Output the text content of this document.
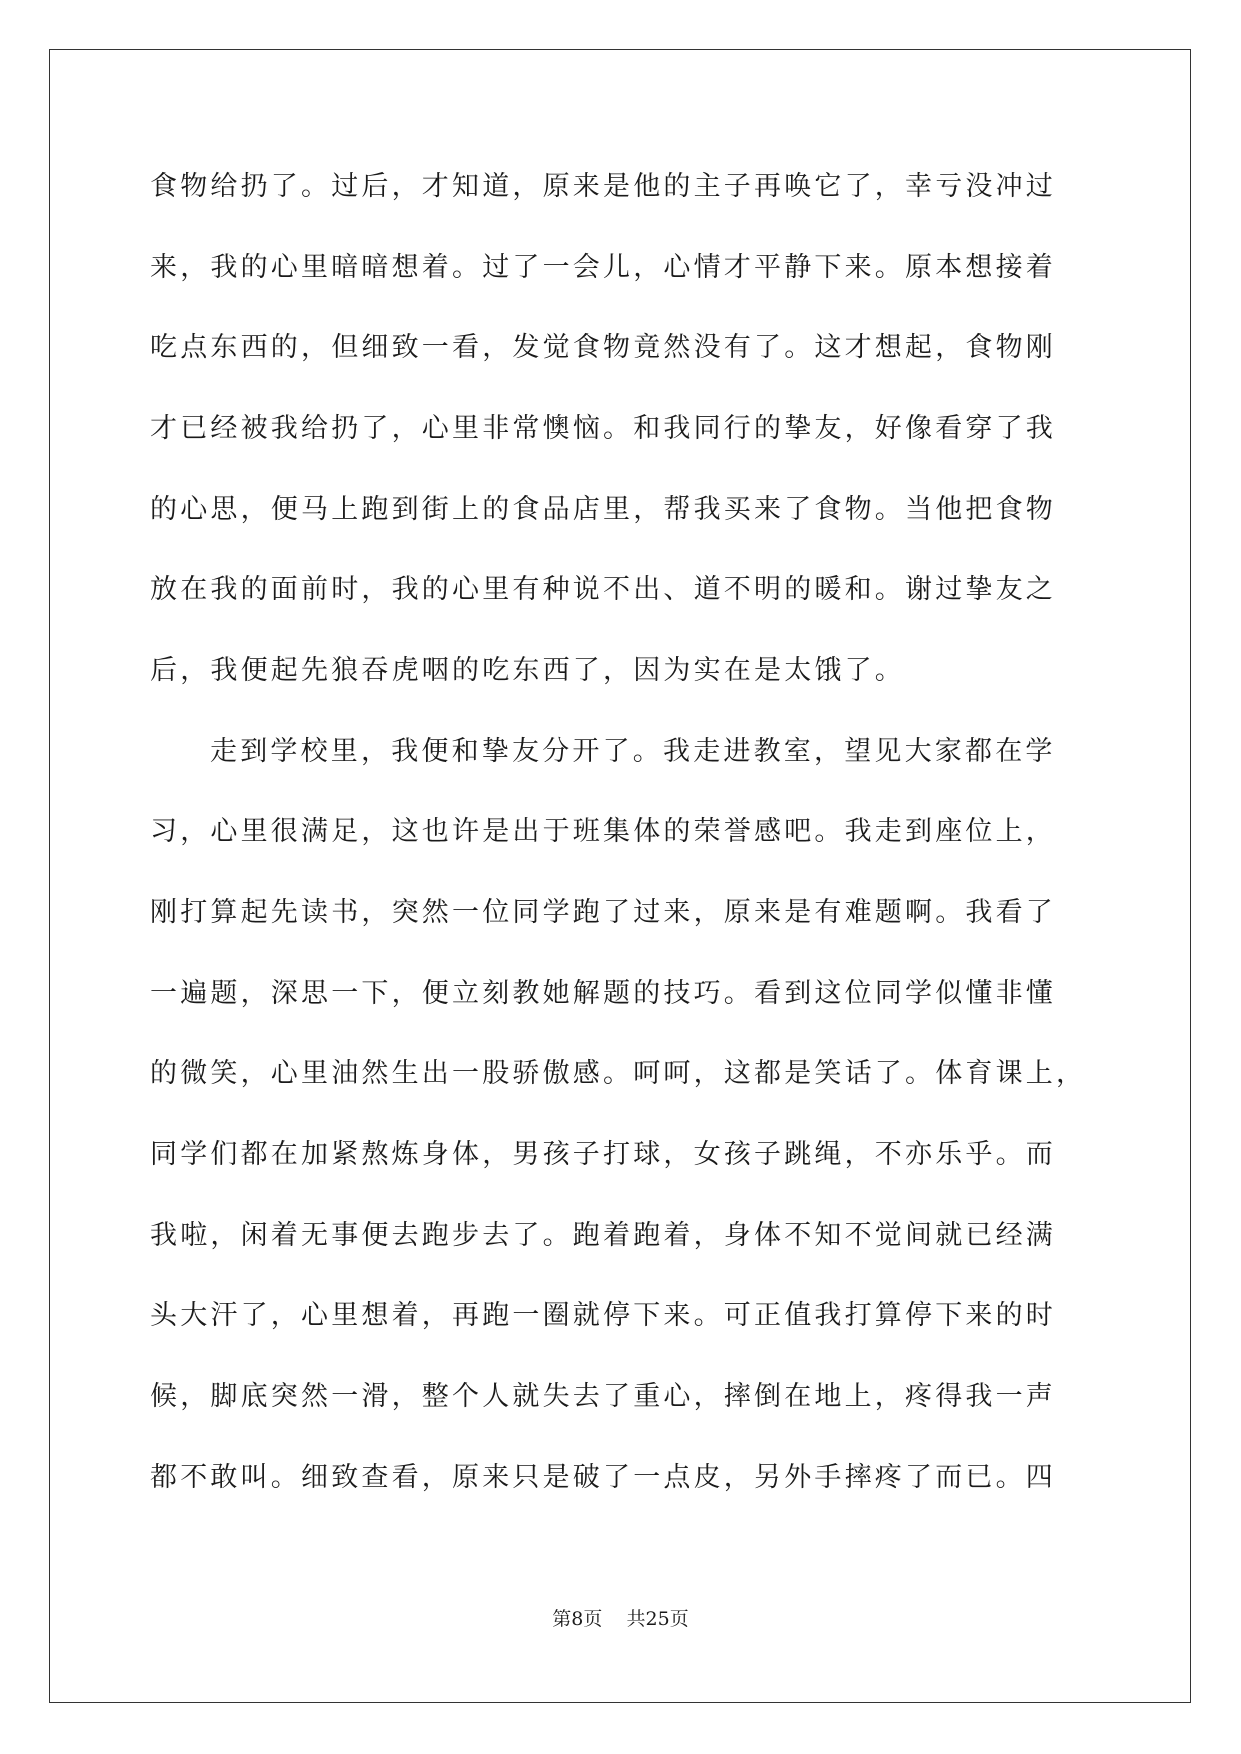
食物给扔了。过后，才知道，原来是他的主子再唤它了，幸亏没冲过
来，我的心里暗暗想着。过了一会儿，心情才平静下来。原本想接着
吃点东西的，但细致一看，发觉食物竟然没有了。这才想起，食物刚
才已经被我给扔了，心里非常懊恼。和我同行的挚友，好像看穿了我
的心思，便马上跑到街上的食品店里，帮我买来了食物。当他把食物
放在我的面前时，我的心里有种说不出、道不明的暖和。谢过挚友之
后，我便起先狼吞虎咽的吃东西了，因为实在是太饿了。
走到学校里，我便和挚友分开了。我走进教室，望见大家都在学
习，心里很满足，这也许是出于班集体的荣誉感吧。我走到座位上，
刚打算起先读书，突然一位同学跑了过来，原来是有难题啊。我看了
一遍题，深思一下，便立刻教她解题的技巧。看到这位同学似懂非懂
的微笑，心里油然生出一股骄傲感。呵呵，这都是笑话了。体育课上，
同学们都在加紧熬炼身体，男孩子打球，女孩子跳绳，不亦乐乎。而
我啦，闲着无事便去跑步去了。跑着跑着，身体不知不觉间就已经满
头大汗了，心里想着，再跑一圈就停下来。可正值我打算停下来的时
候，脚底突然一滑，整个人就失去了重心，摔倒在地上，疼得我一声
都不敢叫。细致查看，原来只是破了一点皮，另外手摔疼了而已。四
第8页 共25页
